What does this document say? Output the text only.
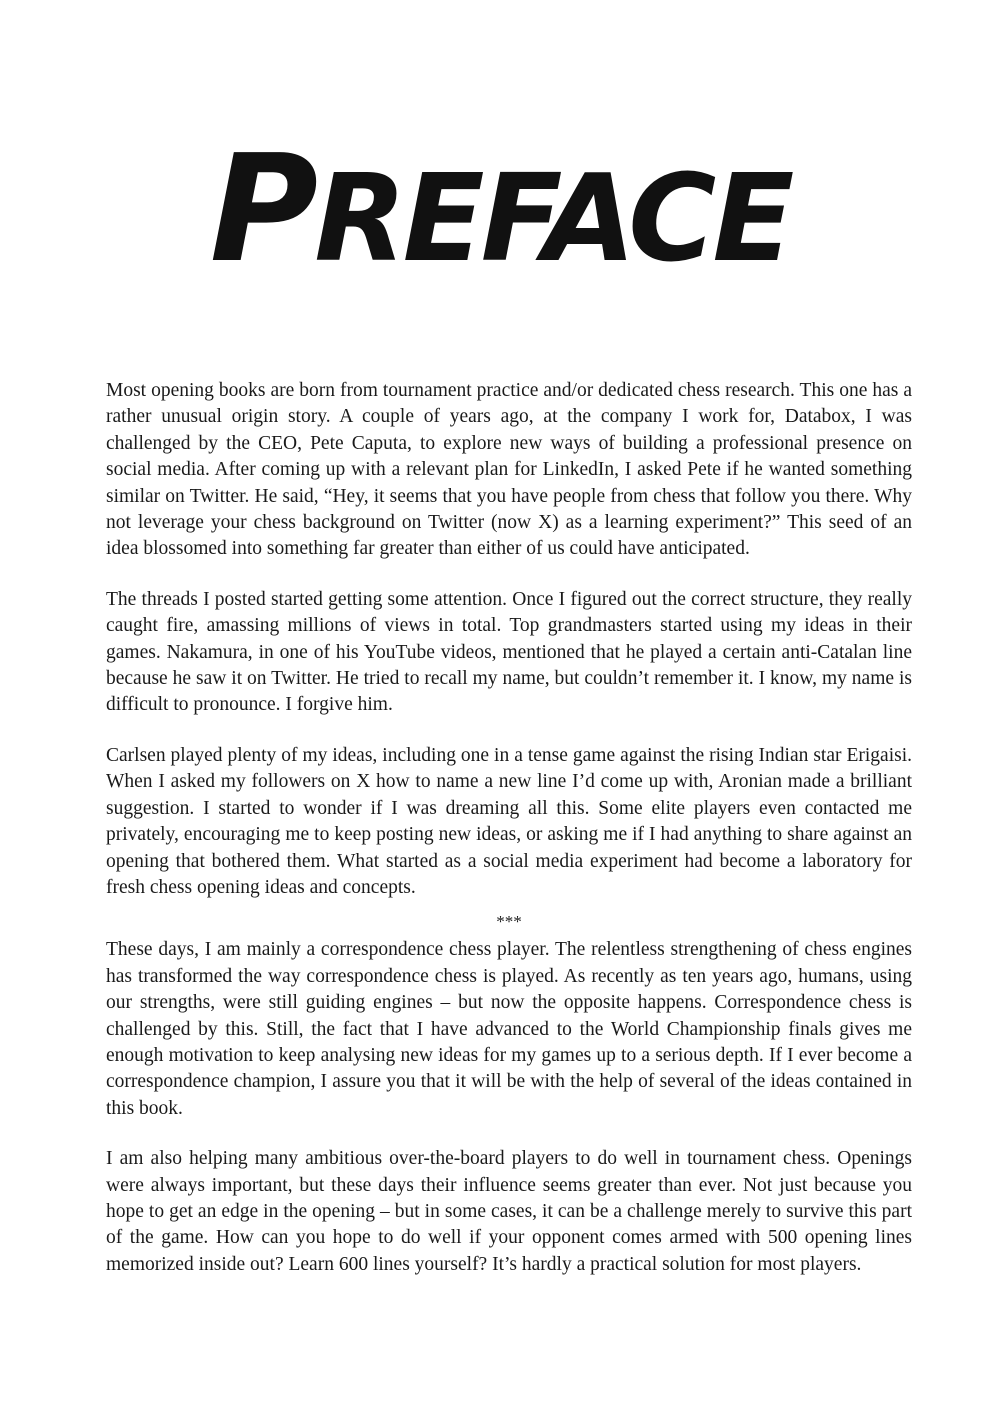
PREFACE

Most opening books are born from tournament practice and/or dedicated chess research. This one has a rather unusual origin story. A couple of years ago, at the company I work for, Databox, I was challenged by the CEO, Pete Caputa, to explore new ways of building a professional presence on social media. After coming up with a relevant plan for LinkedIn, I asked Pete if he wanted something similar on Twitter. He said, “Hey, it seems that you have people from chess that follow you there. Why not leverage your chess background on Twitter (now X) as a learning experiment?” This seed of an idea blossomed into something far greater than either of us could have anticipated.

The threads I posted started getting some attention. Once I figured out the correct structure, they really caught fire, amassing millions of views in total. Top grandmasters started using my ideas in their games. Nakamura, in one of his YouTube videos, mentioned that he played a certain anti-Catalan line because he saw it on Twitter. He tried to recall my name, but couldn’t remember it. I know, my name is difficult to pronounce. I forgive him.

Carlsen played plenty of my ideas, including one in a tense game against the rising Indian star Erigaisi. When I asked my followers on X how to name a new line I’d come up with, Aronian made a brilliant suggestion. I started to wonder if I was dreaming all this. Some elite players even contacted me privately, encouraging me to keep posting new ideas, or asking me if I had anything to share against an opening that bothered them. What started as a social media experiment had become a laboratory for fresh chess opening ideas and concepts.

***

These days, I am mainly a correspondence chess player. The relentless strengthening of chess engines has transformed the way correspondence chess is played. As recently as ten years ago, humans, using our strengths, were still guiding engines – but now the opposite happens. Correspondence chess is challenged by this. Still, the fact that I have advanced to the World Championship finals gives me enough motivation to keep analysing new ideas for my games up to a serious depth. If I ever become a correspondence champion, I assure you that it will be with the help of several of the ideas contained in this book.

I am also helping many ambitious over-the-board players to do well in tournament chess. Openings were always important, but these days their influence seems greater than ever. Not just because you hope to get an edge in the opening – but in some cases, it can be a challenge merely to survive this part of the game. How can you hope to do well if your opponent comes armed with 500 opening lines memorized inside out? Learn 600 lines yourself? It’s hardly a practical solution for most players.
